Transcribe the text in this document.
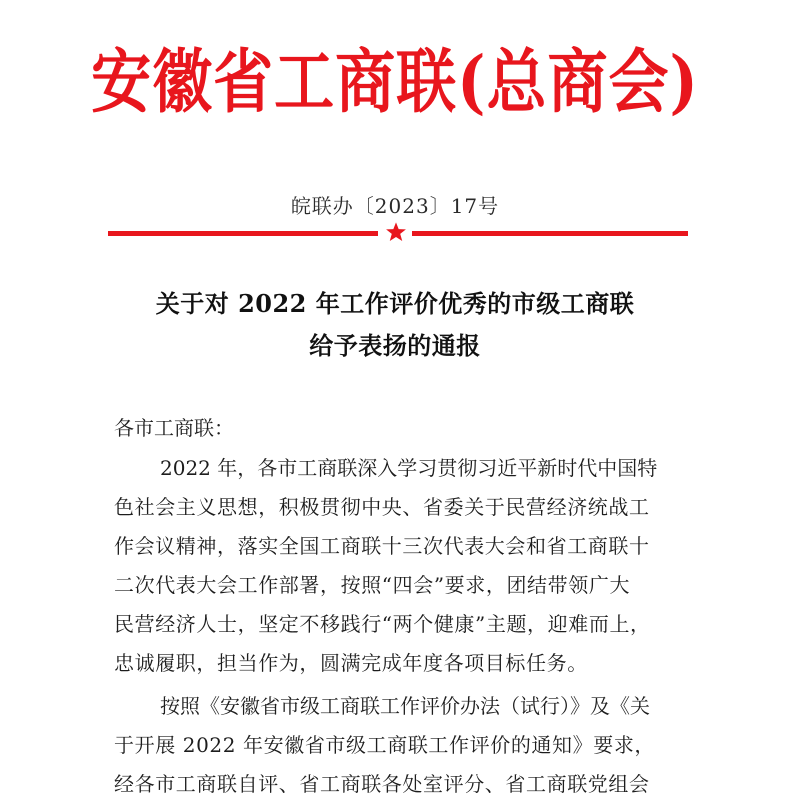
安徽省工商联(总商会)
皖联办〔2023〕17号
关于对 2022 年工作评价优秀的市级工商联
给予表扬的通报
各市工商联：
2022 年，各市工商联深入学习贯彻习近平新时代中国特
色社会主义思想，积极贯彻中央、省委关于民营经济统战工
作会议精神，落实全国工商联十三次代表大会和省工商联十
二次代表大会工作部署，按照“四会”要求，团结带领广大
民营经济人士，坚定不移践行“两个健康”主题，迎难而上，
忠诚履职，担当作为，圆满完成年度各项目标任务。
按照《安徽省市级工商联工作评价办法（试行）》及《关
于开展 2022 年安徽省市级工商联工作评价的通知》要求，
经各市工商联自评、省工商联各处室评分、省工商联党组会
